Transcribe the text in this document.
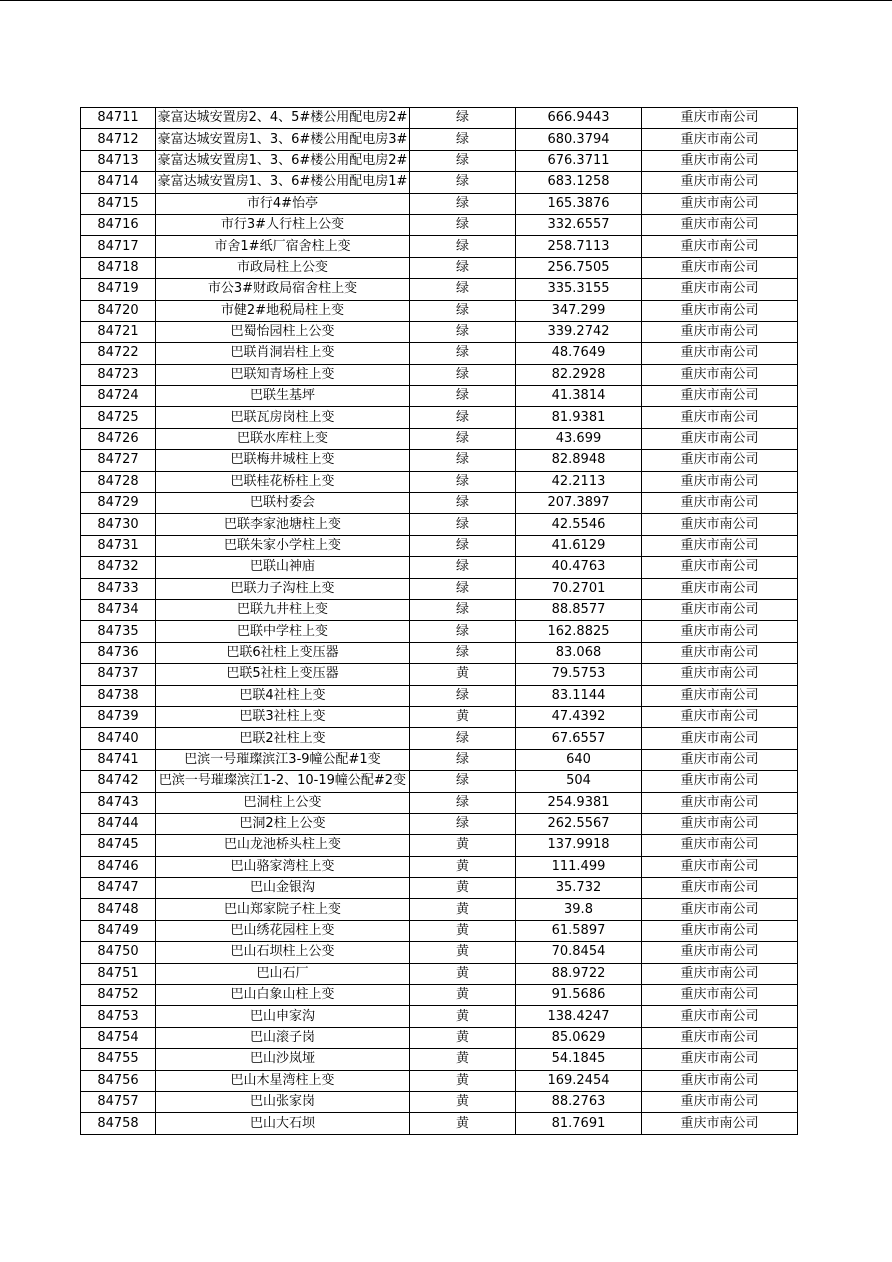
84711	豪富达城安置房2、4、5#楼公用配电房2#	绿	666.9443	重庆市南公司
84712	豪富达城安置房1、3、6#楼公用配电房3#	绿	680.3794	重庆市南公司
84713	豪富达城安置房1、3、6#楼公用配电房2#	绿	676.3711	重庆市南公司
84714	豪富达城安置房1、3、6#楼公用配电房1#	绿	683.1258	重庆市南公司
84715	市行4#怡亭	绿	165.3876	重庆市南公司
84716	市行3#人行柱上公变	绿	332.6557	重庆市南公司
84717	市舍1#纸厂宿舍柱上变	绿	258.7113	重庆市南公司
84718	市政局柱上公变	绿	256.7505	重庆市南公司
84719	市公3#财政局宿舍柱上变	绿	335.3155	重庆市南公司
84720	市健2#地税局柱上变	绿	347.299	重庆市南公司
84721	巴蜀怡园柱上公变	绿	339.2742	重庆市南公司
84722	巴联肖洞岩柱上变	绿	48.7649	重庆市南公司
84723	巴联知青场柱上变	绿	82.2928	重庆市南公司
84724	巴联生基坪	绿	41.3814	重庆市南公司
84725	巴联瓦房岗柱上变	绿	81.9381	重庆市南公司
84726	巴联水库柱上变	绿	43.699	重庆市南公司
84727	巴联梅井城柱上变	绿	82.8948	重庆市南公司
84728	巴联桂花桥柱上变	绿	42.2113	重庆市南公司
84729	巴联村委会	绿	207.3897	重庆市南公司
84730	巴联李家池塘柱上变	绿	42.5546	重庆市南公司
84731	巴联朱家小学柱上变	绿	41.6129	重庆市南公司
84732	巴联山神庙	绿	40.4763	重庆市南公司
84733	巴联力子沟柱上变	绿	70.2701	重庆市南公司
84734	巴联九井柱上变	绿	88.8577	重庆市南公司
84735	巴联中学柱上变	绿	162.8825	重庆市南公司
84736	巴联6社柱上变压器	绿	83.068	重庆市南公司
84737	巴联5社柱上变压器	黄	79.5753	重庆市南公司
84738	巴联4社柱上变	绿	83.1144	重庆市南公司
84739	巴联3社柱上变	黄	47.4392	重庆市南公司
84740	巴联2社柱上变	绿	67.6557	重庆市南公司
84741	巴滨一号璀璨滨江3-9幢公配#1变	绿	640	重庆市南公司
84742	巴滨一号璀璨滨江1-2、10-19幢公配#2变	绿	504	重庆市南公司
84743	巴洞柱上公变	绿	254.9381	重庆市南公司
84744	巴洞2柱上公变	绿	262.5567	重庆市南公司
84745	巴山龙池桥头柱上变	黄	137.9918	重庆市南公司
84746	巴山骆家湾柱上变	黄	111.499	重庆市南公司
84747	巴山金银沟	黄	35.732	重庆市南公司
84748	巴山郑家院子柱上变	黄	39.8	重庆市南公司
84749	巴山绣花园柱上变	黄	61.5897	重庆市南公司
84750	巴山石坝柱上公变	黄	70.8454	重庆市南公司
84751	巴山石厂	黄	88.9722	重庆市南公司
84752	巴山白象山柱上变	黄	91.5686	重庆市南公司
84753	巴山申家沟	黄	138.4247	重庆市南公司
84754	巴山滚子岗	黄	85.0629	重庆市南公司
84755	巴山沙岚垭	黄	54.1845	重庆市南公司
84756	巴山木星湾柱上变	黄	169.2454	重庆市南公司
84757	巴山张家岗	黄	88.2763	重庆市南公司
84758	巴山大石坝	黄	81.7691	重庆市南公司
